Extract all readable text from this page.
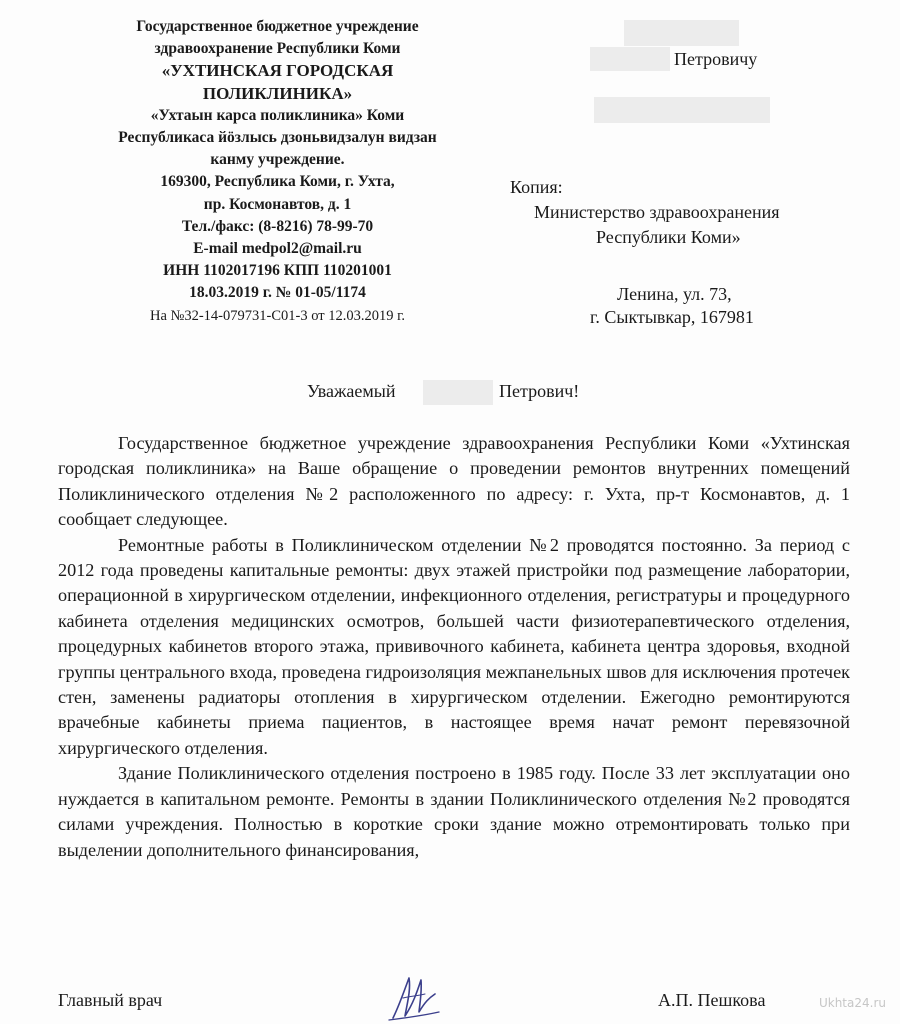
Государственное бюджетное учреждение
здравоохранение Республики Коми
«УХТИНСКАЯ ГОРОДСКАЯ
ПОЛИКЛИНИКА»
«Ухтаын карса поликлиника» Коми
Республикаса йöзлысь дзоньвидзалун видзан
канму учреждение.
169300, Республика Коми, г. Ухта,
пр. Космонавтов, д. 1
Тел./факс: (8-8216) 78-99-70
E-mail medpol2@mail.ru
ИНН 1102017196 КПП 110201001
18.03.2019 г. № 01-05/1174
На №32-14-079731-С01-3 от 12.03.2019 г.
Петровичу
Копия:
Министерство здравоохранения
Республики Коми»
Ленина, ул. 73,
г. Сыктывкар, 167981
Уважаемый	Петрович!

Государственное бюджетное учреждение здравоохранения Республики Коми «Ухтинская городская поликлиника» на Ваше обращение о проведении ремонтов внутренних помещений Поликлинического отделения №2 расположенного по адресу: г. Ухта, пр-т Космонавтов, д. 1 сообщает следующее.

Ремонтные работы в Поликлиническом отделении №2 проводятся постоянно. За период с 2012 года проведены капитальные ремонты: двух этажей пристройки под размещение лаборатории, операционной в хирургическом отделении, инфекционного отделения, регистратуры и процедурного кабинета отделения медицинских осмотров, большей части физиотерапевтического отделения, процедурных кабинетов второго этажа, прививочного кабинета, кабинета центра здоровья, входной группы центрального входа, проведена гидроизоляция межпанельных швов для исключения протечек стен, заменены радиаторы отопления в хирургическом отделении. Ежегодно ремонтируются врачебные кабинеты приема пациентов, в настоящее время начат ремонт перевязочной хирургического отделения.

Здание Поликлинического отделения построено в 1985 году. После 33 лет эксплуатации оно нуждается в капитальном ремонте. Ремонты в здании Поликлинического отделения №2 проводятся силами учреждения. Полностью в короткие сроки здание можно отремонтировать только при выделении дополнительного финансирования,

Главный врач	А.П. Пешкова	Ukhta24.ru
